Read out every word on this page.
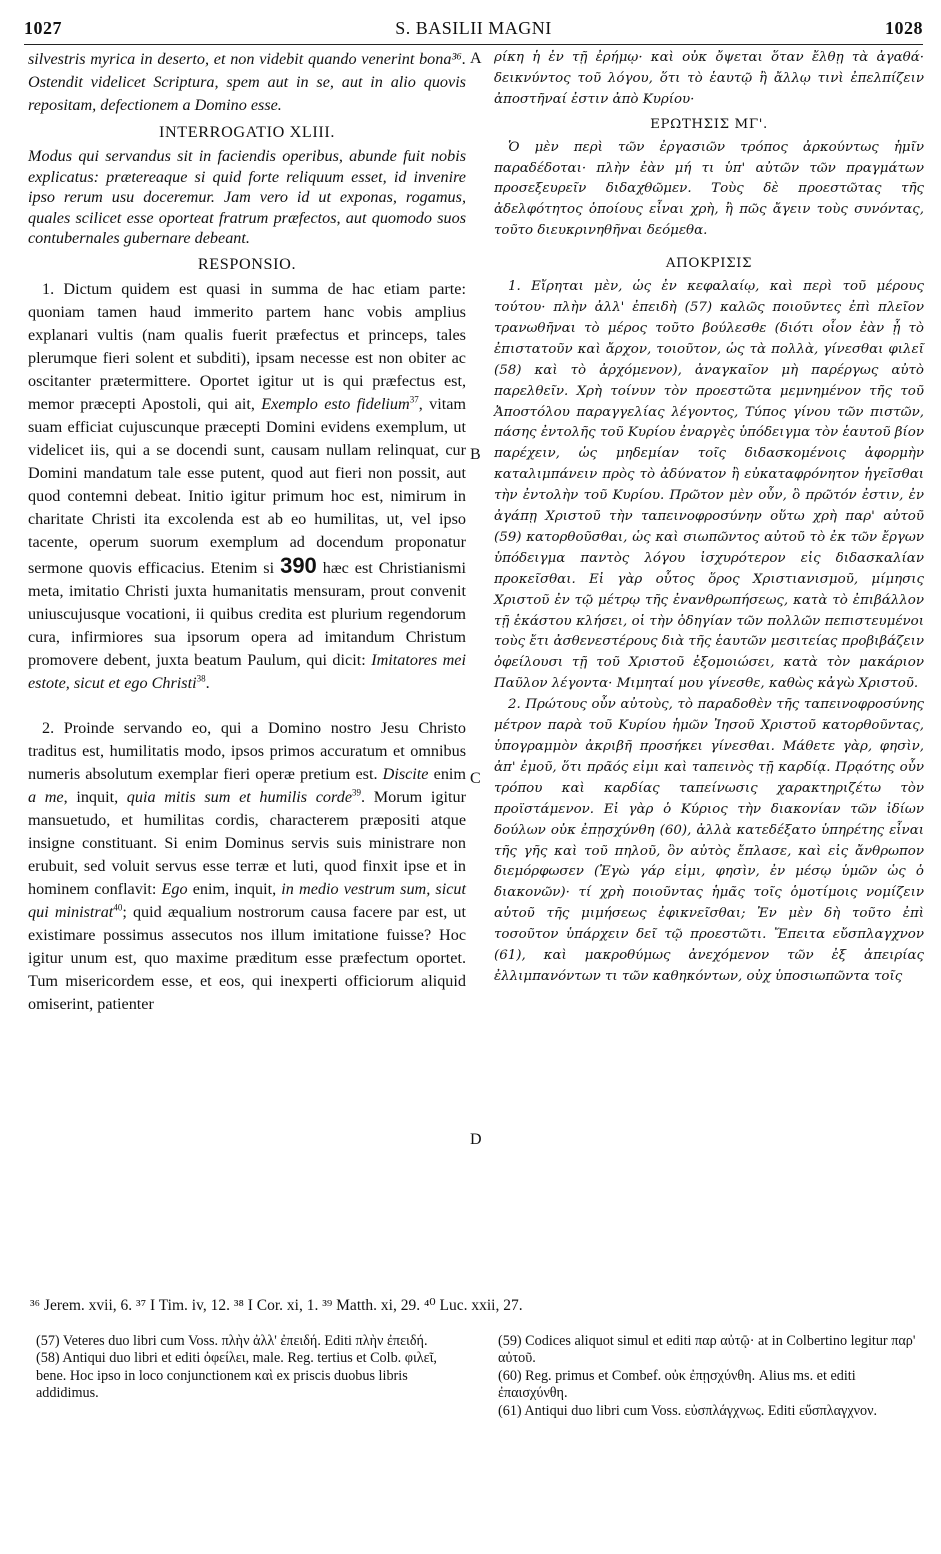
1027	S. BASILII MAGNI	1028
A
B
C
D

silvestris myrica in deserto, et non videbit quando venerint bona³⁶. Ostendit videlicet Scriptura, spem aut in se, aut in alio quovis repositam, defectionem a Domino esse.

INTERROGATIO XLIII.

Modus qui servandus sit in faciendis operibus, abunde fuit nobis explicatus: prætereaque si quid forte reliquum esset, id invenire ipso rerum usu doceremur. Jam vero id ut exponas, rogamus, quales scilicet esse oporteat fratrum præfectos, aut quomodo suos contubernales gubernare debeant.

RESPONSIO.

1. Dictum quidem est quasi in summa de hac etiam parte: quoniam tamen haud immerito partem hanc vobis amplius explanari vultis (nam qualis fuerit præfectus et princeps, tales plerumque fieri solent et subditi), ipsam necesse est non obiter ac oscitanter prætermittere. Oportet igitur ut is qui præfectus est, memor præcepti Apostoli, qui ait, Exemplo esto fidelium$^{37}$, vitam suam efficiat cujuscunque præcepti Domini evidens exemplum, ut videlicet iis, qui a se docendi sunt, causam nullam relinquat, cur Domini mandatum tale esse putent, quod aut fieri non possit, aut quod contemni debeat. Initio igitur primum hoc est, nimirum in charitate Christi ita excolenda est ab eo humilitas, ut, vel ipso tacente, operum suorum exemplum ad docendum proponatur sermone quovis efficacius. Etenim si 390 hæc est Christianismi meta, imitatio Christi juxta humanitatis mensuram, prout convenit uniuscujusque vocationi, ii quibus credita est plurium regendorum cura, infirmiores sua ipsorum opera ad imitandum Christum promovere debent, juxta beatum Paulum, qui dicit: Imitatores mei estote, sicut et ego Christi$^{38}$.

2. Proinde servando eo, qui a Domino nostro Jesu Christo traditus est, humilitatis modo, ipsos primos accuratum et omnibus numeris absolutum exemplar fieri operæ pretium est. Discite enim a me, inquit, quia mitis sum et humilis corde$^{39}$. Morum igitur mansuetudo, et humilitas cordis, characterem præpositi atque insigne constituant. Si enim Dominus servis suis ministrare non erubuit, sed voluit servus esse terræ et luti, quod finxit ipse et in hominem conflavit: Ego enim, inquit, in medio vestrum sum, sicut qui ministrat$^{40}$; quid æqualium nostrorum causa facere par est, ut existimare possimus assecutos nos illum imitatione fuisse? Hoc igitur unum est, quo maxime præditum esse præfectum oportet. Tum misericordem esse, et eos, qui inexperti officiorum aliquid omiserint, patienter

ρίκη ἡ ἐν τῇ ἐρήμῳ· καὶ οὐκ ὄψεται ὅταν ἔλθῃ τὰ ἀγαθά· δεικνύντος τοῦ λόγου, ὅτι τὸ ἑαυτῷ ἢ ἄλλῳ τινὶ ἐπελπίζειν ἀποστῆναί ἐστιν ἀπὸ Κυρίου·

ΕΡΩΤΗΣΙΣ ΜΓ'.

Ὁ μὲν περὶ τῶν ἐργασιῶν τρόπος ἀρκούντως ἡμῖν παραδέδοται· πλὴν ἐὰν μή τι ὑπ' αὐτῶν τῶν πραγμάτων προσεξευρεῖν διδαχθῶμεν. Τοὺς δὲ προεστῶτας τῆς ἀδελφότητος ὁποίους εἶναι χρὴ, ἢ πῶς ἄγειν τοὺς συνόντας, τοῦτο διευκρινηθῆναι δεόμεθα.

ΑΠΟΚΡΙΣΙΣ

1. Εἴρηται μὲν, ὡς ἐν κεφαλαίῳ, καὶ περὶ τοῦ μέρους τούτου· πλὴν ἀλλ' ἐπειδὴ (57) καλῶς ποιοῦντες ἐπὶ πλεῖον τρανωθῆναι τὸ μέρος τοῦτο βούλεσθε (διότι οἷον ἐὰν ᾖ τὸ ἐπιστατοῦν καὶ ἄρχον, τοιοῦτον, ὡς τὰ πολλὰ, γίνεσθαι φιλεῖ (58) καὶ τὸ ἀρχόμενον), ἀναγκαῖον μὴ παρέργως αὐτὸ παρελθεῖν. Χρὴ τοίνυν τὸν προεστῶτα μεμνημένον τῆς τοῦ Ἀποστόλου παραγγελίας λέγοντος, Τύπος γίνου τῶν πιστῶν, πάσης ἐντολῆς τοῦ Κυρίου ἐναργὲς ὑπόδειγμα τὸν ἑαυτοῦ βίον παρέχειν, ὡς μηδεμίαν τοῖς διδασκομένοις ἀφορμὴν καταλιμπάνειν πρὸς τὸ ἀδύνατον ἢ εὐκαταφρόνητον ἡγεῖσθαι τὴν ἐντολὴν τοῦ Κυρίου. Πρῶτον μὲν οὖν, ὃ πρῶτόν ἐστιν, ἐν ἀγάπῃ Χριστοῦ τὴν ταπεινοφροσύνην οὕτω χρὴ παρ' αὐτοῦ (59) κατορθοῦσθαι, ὡς καὶ σιωπῶντος αὐτοῦ τὸ ἐκ τῶν ἔργων ὑπόδειγμα παντὸς λόγου ἰσχυρότερον εἰς διδασκαλίαν προκεῖσθαι. Εἰ γὰρ οὗτος ὅρος Χριστιανισμοῦ, μίμησις Χριστοῦ ἐν τῷ μέτρῳ τῆς ἐνανθρωπήσεως, κατὰ τὸ ἐπιβάλλον τῇ ἑκάστου κλήσει, οἱ τὴν ὁδηγίαν τῶν πολλῶν πεπιστευμένοι τοὺς ἔτι ἀσθενεστέρους διὰ τῆς ἑαυτῶν μεσιτείας προβιβάζειν ὀφείλουσι τῇ τοῦ Χριστοῦ ἐξομοιώσει, κατὰ τὸν μακάριον Παῦλον λέγοντα· Μιμηταί μου γίνεσθε, καθὼς κἀγὼ Χριστοῦ.

2. Πρώτους οὖν αὐτοὺς, τὸ παραδοθὲν τῆς ταπεινοφροσύνης μέτρον παρὰ τοῦ Κυρίου ἡμῶν Ἰησοῦ Χριστοῦ κατορθοῦντας, ὑπογραμμὸν ἀκριβῆ προσήκει γίνεσθαι. Μάθετε γὰρ, φησὶν, ἀπ' ἐμοῦ, ὅτι πρᾶός εἰμι καὶ ταπεινὸς τῇ καρδίᾳ. Πρᾳότης οὖν τρόπου καὶ καρδίας ταπείνωσις χαρακτηριζέτω τὸν προϊστάμενον. Εἰ γὰρ ὁ Κύριος τὴν διακονίαν τῶν ἰδίων δούλων οὐκ ἐπῃσχύνθη (60), ἀλλὰ κατεδέξατο ὑπηρέτης εἶναι τῆς γῆς καὶ τοῦ πηλοῦ, ὃν αὐτὸς ἔπλασε, καὶ εἰς ἄνθρωπον διεμόρφωσεν (Ἐγὼ γάρ εἰμι, φησὶν, ἐν μέσῳ ὑμῶν ὡς ὁ διακονῶν)· τί χρὴ ποιοῦντας ἡμᾶς τοῖς ὁμοτίμοις νομίζειν αὐτοῦ τῆς μιμήσεως ἐφικνεῖσθαι; Ἐν μὲν δὴ τοῦτο ἐπὶ τοσοῦτον ὑπάρχειν δεῖ τῷ προεστῶτι. Ἔπειτα εὔσπλαγχνον (61), καὶ μακροθύμως ἀνεχόμενον τῶν ἐξ ἀπειρίας ἐλλιμπανόντων τι τῶν καθηκόντων, οὐχ ὑποσιωπῶντα τοῖς

³⁶ Jerem. xvii, 6. ³⁷ I Tim. iv, 12. ³⁸ I Cor. xi, 1. ³⁹ Matth. xi, 29. ⁴⁰ Luc. xxii, 27.

(57) Veteres duo libri cum Voss. πλὴν ἀλλ' ἐπειδή. Editi πλὴν ἐπειδή.

(58) Antiqui duo libri et editi ὀφείλει, male. Reg. tertius et Colb. φιλεῖ, bene. Hoc ipso in loco conjunctionem καὶ ex priscis duobus libris addidimus.

(59) Codices aliquot simul et editi παρ αὐτῷ· at in Colbertino legitur παρ' αὐτοῦ.

(60) Reg. primus et Combef. οὐκ ἐπῃσχύνθη. Alius ms. et editi ἐπαισχύνθη.

(61) Antiqui duo libri cum Voss. εὐσπλάγχνως. Editi εὔσπλαγχνον.
